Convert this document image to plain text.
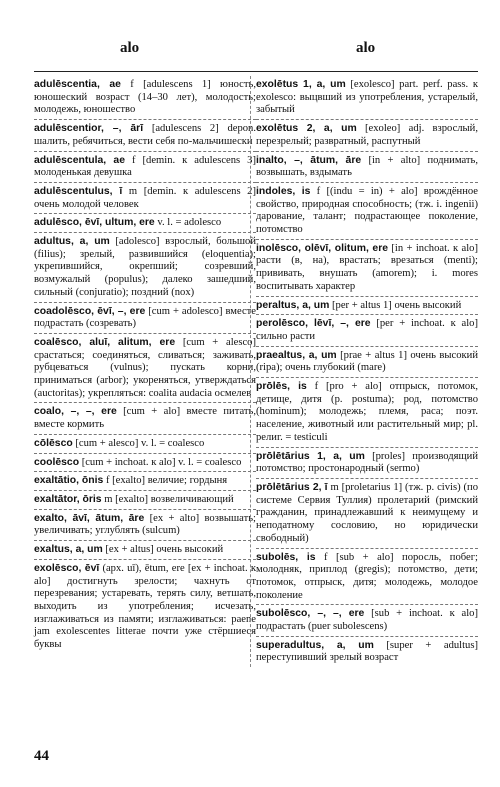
alo	alo
adulēscentia, ae f [adulescens 1] юность, юношеский возраст (14–30 лет), молодость; молодежь, юношество
adulēscentior, –, ārī [adulescens 2] depon. шалить, ребячиться, вести себя по-мальчишески
adulēscentula, ae f [demin. к adulescens 3] молоденькая девушка
adulēscentulus, ī m [demin. к adulescens 2] очень молодой человек
adulēsco, ēvī, ultum, ere v. l. = adolesco
adultus, a, um [adolesco] взрослый, большой (filius); зрелый, развившийся (eloquentia); укрепившийся, окрепший; созревший, возмужалый (populus); далеко зашедший, сильный (conjuratio); поздний (nox)
coadolēsco, ēvī, –, ere [cum + adolesco] вместе подрастать (созревать)
coalēsco, aluī, alitum, ere [cum + alesco] срастаться; соединяться, сливаться; заживать, рубцеваться (vulnus); пускать корни, приниматься (arbor); укореняться, утверждаться (auctoritas); укрепляться: coalita audacia осмелев
coalo, –, –, ere [cum + alo] вместе питать, вместе кормить
cōlēsco [cum + alesco] v. l. = coalesco
coolēsco [cum + inchoat. к alo] v. l. = coalesco
exaltātio, ōnis f [exalto] величие; гордыня
exaltātor, ōris m [exalto] возвеличивающий
exalto, āvī, ātum, āre [ex + alto] возвышать; увеличивать; углублять (sulcum)
exaltus, a, um [ex + altus] очень высокий
exolēsco, ēvī (арх. uī), ētum, ere [ex + inchoat. к alo] достигнуть зрелости; чахнуть от перезревания; устаревать, терять силу, ветшать, выходить из употребления; исчезать, изглаживаться из памяти; изглаживаться: paene jam exolescentes litterae почти уже стёршиеся буквы
exolētus 1, a, um [exolesco] part. perf. pass. к exolesco: выцвший из употребления, устарелый, забытый
exolētus 2, a, um [exoleo] adj. взрослый, перезрелый; развратный, распутный
inalto, –, ātum, āre [in + alto] поднимать, возвышать, вздымать
indoles, is f [(indu = in) + alo] врождённое свойство, природная способность; (тж. i. ingenii) дарование, талант; подрастающее поколение, потомство
inolēsco, olēvī, olitum, ere [in + inchoat. к alo] расти (в, на), врастать; врезаться (menti); прививать, внушать (amorem); i. mores воспитывать характер
peraltus, a, um [per + altus 1] очень высокий
perolēsco, lēvī, –, ere [per + inchoat. к alo] сильно расти
praealtus, a, um [prae + altus 1] очень высокий (ripa); очень глубокий (mare)
prōlēs, is f [pro + alo] отпрыск, потомок, детище, дитя (p. postuma); род, потомство (hominum); молодежь; племя, раса; поэт. население, животный или растительный мир; pl. религ. = testiculi
prōlētārius 1, a, um [proles] производящий потомство; простонародный (sermo)
prōlētārius 2, ī m [proletarius 1] (тж. p. civis) (по системе Сервия Туллия) пролетарий (римский гражданин, принадлежавший к неимущему и неподатному сословию, но юридически свободный)
subolēs, is f [sub + alo] поросль, побег; молодняк, приплод (gregis); потомство, дети; потомок, отпрыск, дитя; молодежь, молодое поколение
subolēsco, –, –, ere [sub + inchoat. к alo] подрастать (puer subolescens)
superadultus, a, um [super + adultus] переступивший зрелый возраст
44
